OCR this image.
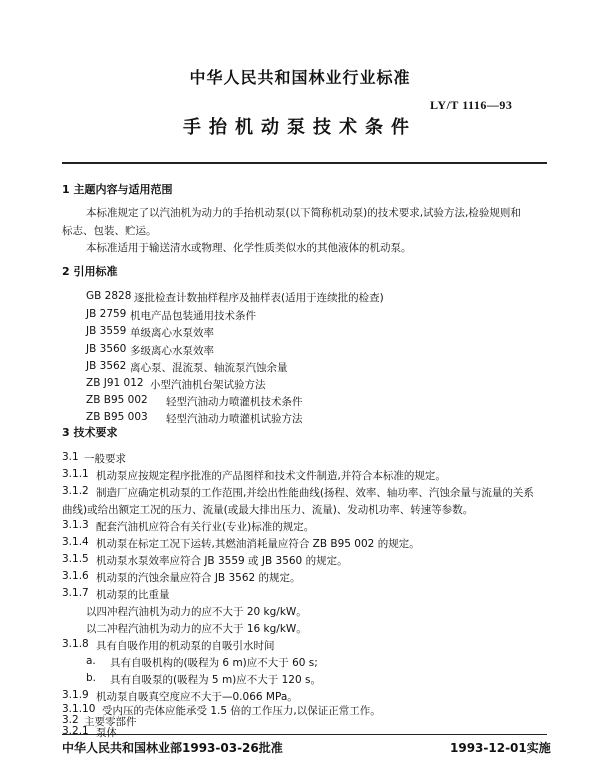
中华人民共和国林业行业标准
LY/T 1116—93
手抬机动泵技术条件
1 主题内容与适用范围
本标准规定了以汽油机为动力的手抬机动泵(以下简称机动泵)的技术要求,试验方法,检验规则和
标志、包装、贮运。
本标准适用于输送清水或物理、化学性质类似水的其他液体的机动泵。
2 引用标准
GB 2828 逐批检查计数抽样程序及抽样表(适用于连续批的检查)
JB 2759 机电产品包装通用技术条件
JB 3559 单级离心水泵效率
JB 3560 多级离心水泵效率
JB 3562 离心泵、混流泵、轴流泵汽蚀余量
ZB J91 012 小型汽油机台架试验方法
ZB B95 002 轻型汽油动力喷灌机技术条件
ZB B95 003 轻型汽油动力喷灌机试验方法
3 技术要求
3.1 一般要求
3.1.1 机动泵应按规定程序批准的产品图样和技术文件制造,并符合本标准的规定。
3.1.2 制造厂应确定机动泵的工作范围,并绘出性能曲线(扬程、效率、轴功率、汽蚀余量与流量的关系
曲线)或给出额定工况的压力、流量(或最大排出压力、流量)、发动机功率、转速等参数。
3.1.3 配套汽油机应符合有关行业(专业)标准的规定。
3.1.4 机动泵在标定工况下运转,其燃油消耗量应符合 ZB B95 002 的规定。
3.1.5 机动泵水泵效率应符合 JB 3559 或 JB 3560 的规定。
3.1.6 机动泵的汽蚀余量应符合 JB 3562 的规定。
3.1.7 机动泵的比重量
以四冲程汽油机为动力的应不大于 20 kg/kW。
以二冲程汽油机为动力的应不大于 16 kg/kW。
3.1.8 具有自吸作用的机动泵的自吸引水时间
a. 具有自吸机构的(吸程为 6 m)应不大于 60 s;
b. 具有自吸泵的(吸程为 5 m)应不大于 120 s。
3.1.9 机动泵自吸真空度应不大于—0.066 MPa。
3.1.10 受内压的壳体应能承受 1.5 倍的工作压力,以保证正常工作。
3.2 主要零部件
中华人民共和国林业部1993-03-26批准	1993-12-01实施
3.2.1 泵体
